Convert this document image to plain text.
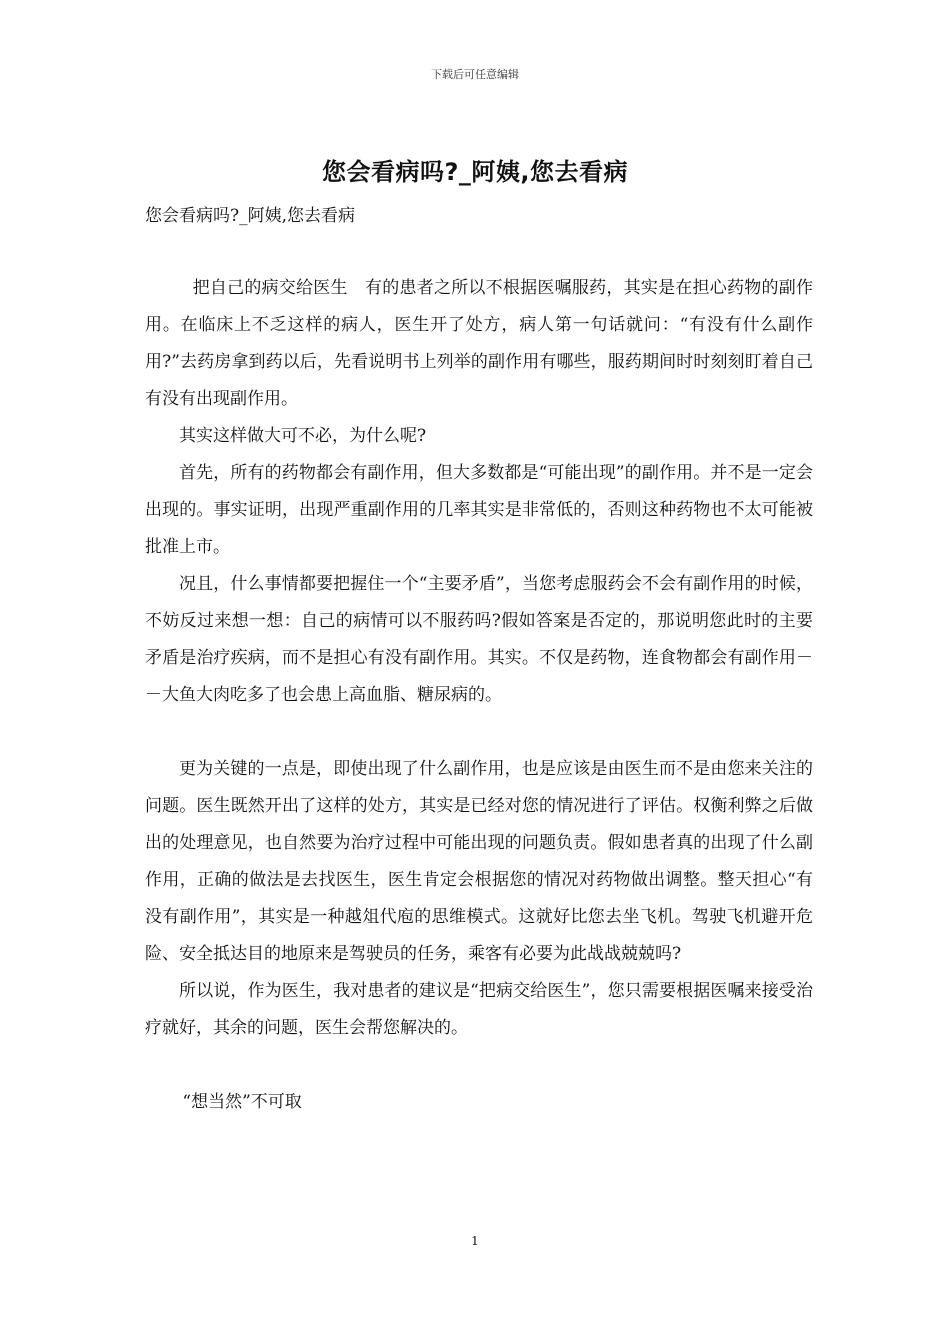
下载后可任意编辑
您会看病吗?_阿姨,您去看病
您会看病吗?_阿姨,您去看病

把自己的病交给医生　有的患者之所以不根据医嘱服药，其实是在担心药物的副作用。在临床上不乏这样的病人，医生开了处方，病人第一句话就问：“有没有什么副作用?”去药房拿到药以后，先看说明书上列举的副作用有哪些，服药期间时时刻刻盯着自己有没有出现副作用。

其实这样做大可不必，为什么呢?

首先，所有的药物都会有副作用，但大多数都是“可能出现”的副作用。并不是一定会出现的。事实证明，出现严重副作用的几率其实是非常低的，否则这种药物也不太可能被批准上市。

况且，什么事情都要把握住一个“主要矛盾”，当您考虑服药会不会有副作用的时候，不妨反过来想一想：自己的病情可以不服药吗?假如答案是否定的，那说明您此时的主要矛盾是治疗疾病，而不是担心有没有副作用。其实。不仅是药物，连食物都会有副作用－－大鱼大肉吃多了也会患上高血脂、糖尿病的。

更为关键的一点是，即使出现了什么副作用，也是应该是由医生而不是由您来关注的问题。医生既然开出了这样的处方，其实是已经对您的情况进行了评估。权衡利弊之后做出的处理意见，也自然要为治疗过程中可能出现的问题负责。假如患者真的出现了什么副作用，正确的做法是去找医生，医生肯定会根据您的情况对药物做出调整。整天担心“有没有副作用”，其实是一种越俎代庖的思维模式。这就好比您去坐飞机。驾驶飞机避开危险、安全抵达目的地原来是驾驶员的任务，乘客有必要为此战战兢兢吗?

所以说，作为医生，我对患者的建议是“把病交给医生”，您只需要根据医嘱来接受治疗就好，其余的问题，医生会帮您解决的。

“想当然”不可取

1
